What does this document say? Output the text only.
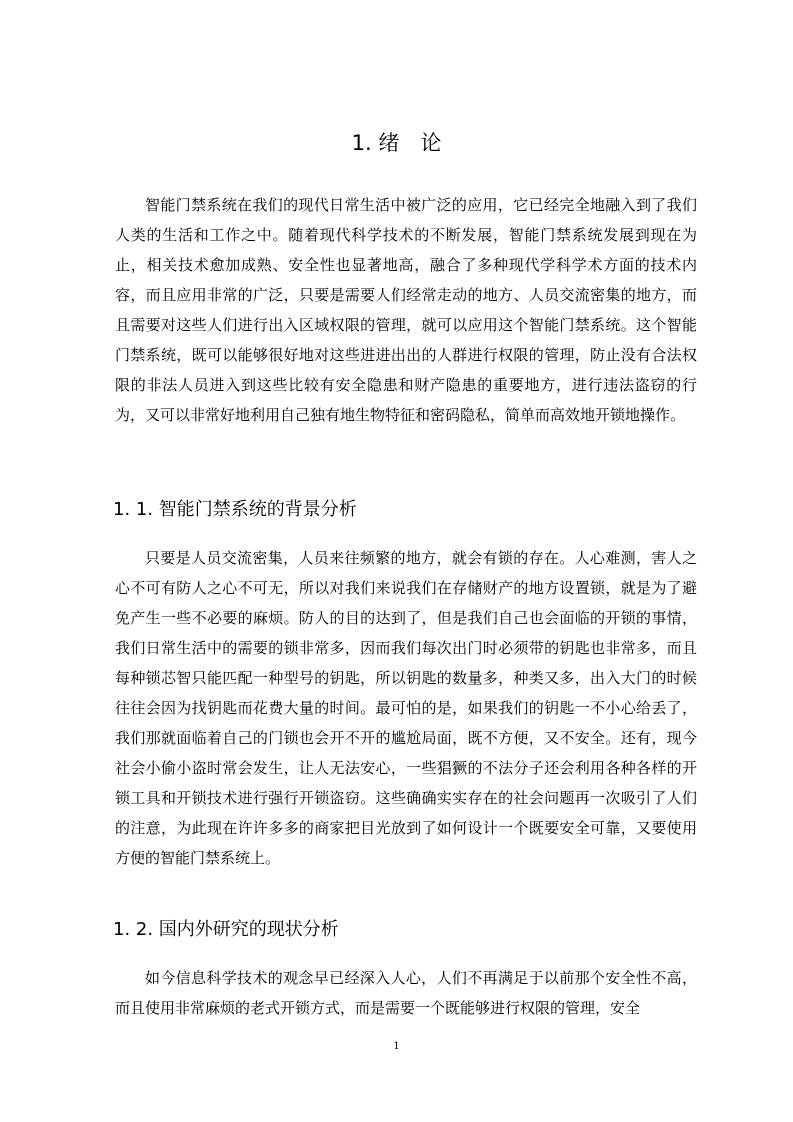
1. 绪　论

智能门禁系统在我们的现代日常生活中被广泛的应用，它已经完全地融入到了我们人类的生活和工作之中。随着现代科学技术的不断发展，智能门禁系统发展到现在为止，相关技术愈加成熟、安全性也显著地高，融合了多种现代学科学术方面的技术内容，而且应用非常的广泛，只要是需要人们经常走动的地方、人员交流密集的地方，而且需要对这些人们进行出入区域权限的管理，就可以应用这个智能门禁系统。这个智能门禁系统，既可以能够很好地对这些进进出出的人群进行权限的管理，防止没有合法权限的非法人员进入到这些比较有安全隐患和财产隐患的重要地方，进行违法盗窃的行为，又可以非常好地利用自己独有地生物特征和密码隐私，简单而高效地开锁地操作。

1. 1. 智能门禁系统的背景分析

只要是人员交流密集，人员来往频繁的地方，就会有锁的存在。人心难测，害人之心不可有防人之心不可无，所以对我们来说我们在存储财产的地方设置锁，就是为了避免产生一些不必要的麻烦。防人的目的达到了，但是我们自己也会面临的开锁的事情，我们日常生活中的需要的锁非常多，因而我们每次出门时必须带的钥匙也非常多，而且每种锁芯智只能匹配一种型号的钥匙，所以钥匙的数量多，种类又多，出入大门的时候往往会因为找钥匙而花费大量的时间。最可怕的是，如果我们的钥匙一不小心给丢了，我们那就面临着自己的门锁也会开不开的尴尬局面，既不方便，又不安全。还有，现今社会小偷小盗时常会发生，让人无法安心，一些猖獗的不法分子还会利用各种各样的开锁工具和开锁技术进行强行开锁盗窃。这些确确实实存在的社会问题再一次吸引了人们的注意，为此现在许许多多的商家把目光放到了如何设计一个既要安全可靠，又要使用方便的智能门禁系统上。

1. 2. 国内外研究的现状分析

如今信息科学技术的观念早已经深入人心，人们不再满足于以前那个安全性不高，而且使用非常麻烦的老式开锁方式，而是需要一个既能够进行权限的管理，安全

1
